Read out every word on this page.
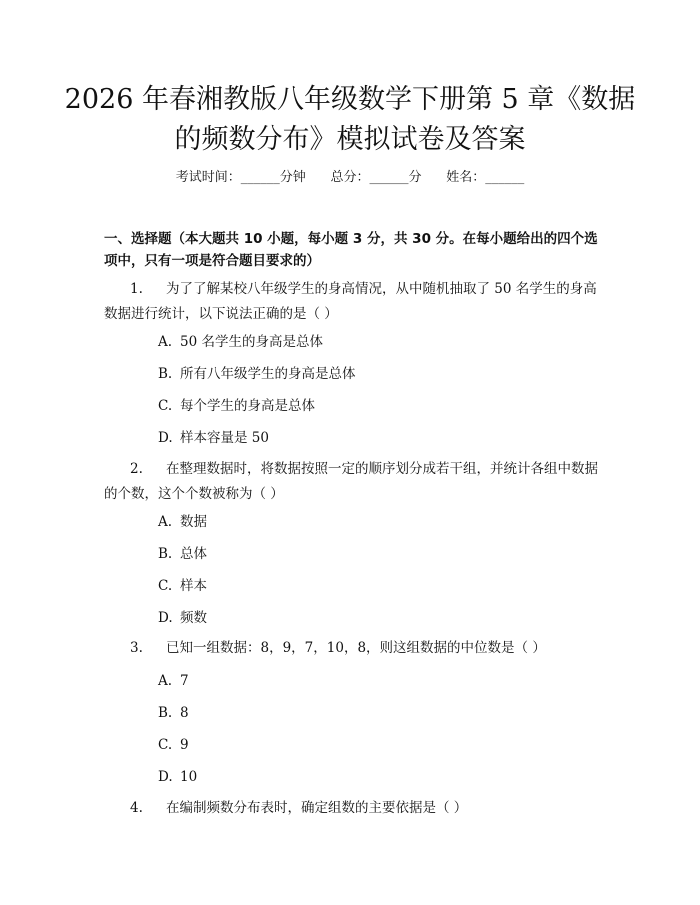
2026 年春湘教版八年级数学下册第 5 章《数据的频数分布》模拟试卷及答案
考试时间：______分钟      总分：______分      姓名：______
一、选择题（本大题共 10 小题，每小题 3 分，共 30 分。在每小题给出的四个选项中，只有一项是符合题目要求的）
1. 为了了解某校八年级学生的身高情况，从中随机抽取了 50 名学生的身高数据进行统计，以下说法正确的是（ ）
A. 50 名学生的身高是总体
B. 所有八年级学生的身高是总体
C. 每个学生的身高是总体
D. 样本容量是 50
2. 在整理数据时，将数据按照一定的顺序划分成若干组，并统计各组中数据的个数，这个个数被称为（ ）
A. 数据
B. 总体
C. 样本
D. 频数
3. 已知一组数据：8，9，7，10，8，则这组数据的中位数是（ ）
A. 7
B. 8
C. 9
D. 10
4. 在编制频数分布表时，确定组数的主要依据是（ ）
